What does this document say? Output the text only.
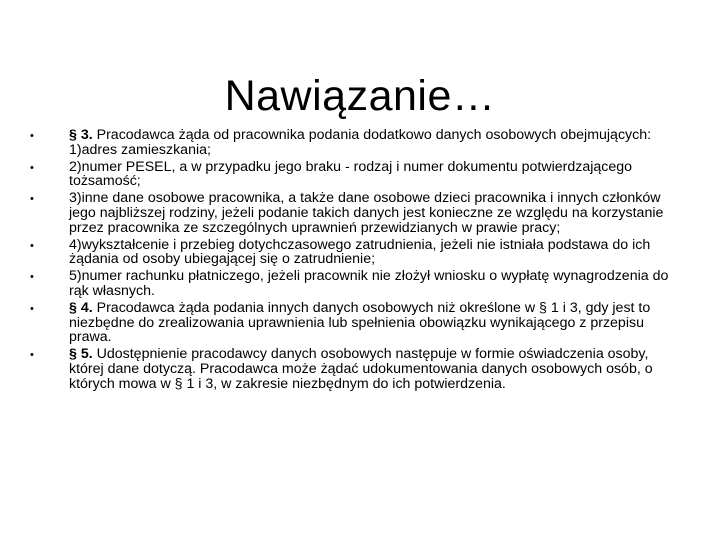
Nawiązanie…
• § 3. Pracodawca żąda od pracownika podania dodatkowo danych osobowych obejmujących: 1)adres zamieszkania;
• 2)numer PESEL, a w przypadku jego braku - rodzaj i numer dokumentu potwierdzającego tożsamość;
• 3)inne dane osobowe pracownika, a także dane osobowe dzieci pracownika i innych członków jego najbliższej rodziny, jeżeli podanie takich danych jest konieczne ze względu na korzystanie przez pracownika ze szczególnych uprawnień przewidzianych w prawie pracy;
• 4)wykształcenie i przebieg dotychczasowego zatrudnienia, jeżeli nie istniała podstawa do ich żądania od osoby ubiegającej się o zatrudnienie;
• 5)numer rachunku płatniczego, jeżeli pracownik nie złożył wniosku o wypłatę wynagrodzenia do rąk własnych.
• § 4. Pracodawca żąda podania innych danych osobowych niż określone w § 1 i 3, gdy jest to niezbędne do zrealizowania uprawnienia lub spełnienia obowiązku wynikającego z przepisu prawa.
• § 5. Udostępnienie pracodawcy danych osobowych następuje w formie oświadczenia osoby, której dane dotyczą. Pracodawca może żądać udokumentowania danych osobowych osób, o których mowa w § 1 i 3, w zakresie niezbędnym do ich potwierdzenia.
